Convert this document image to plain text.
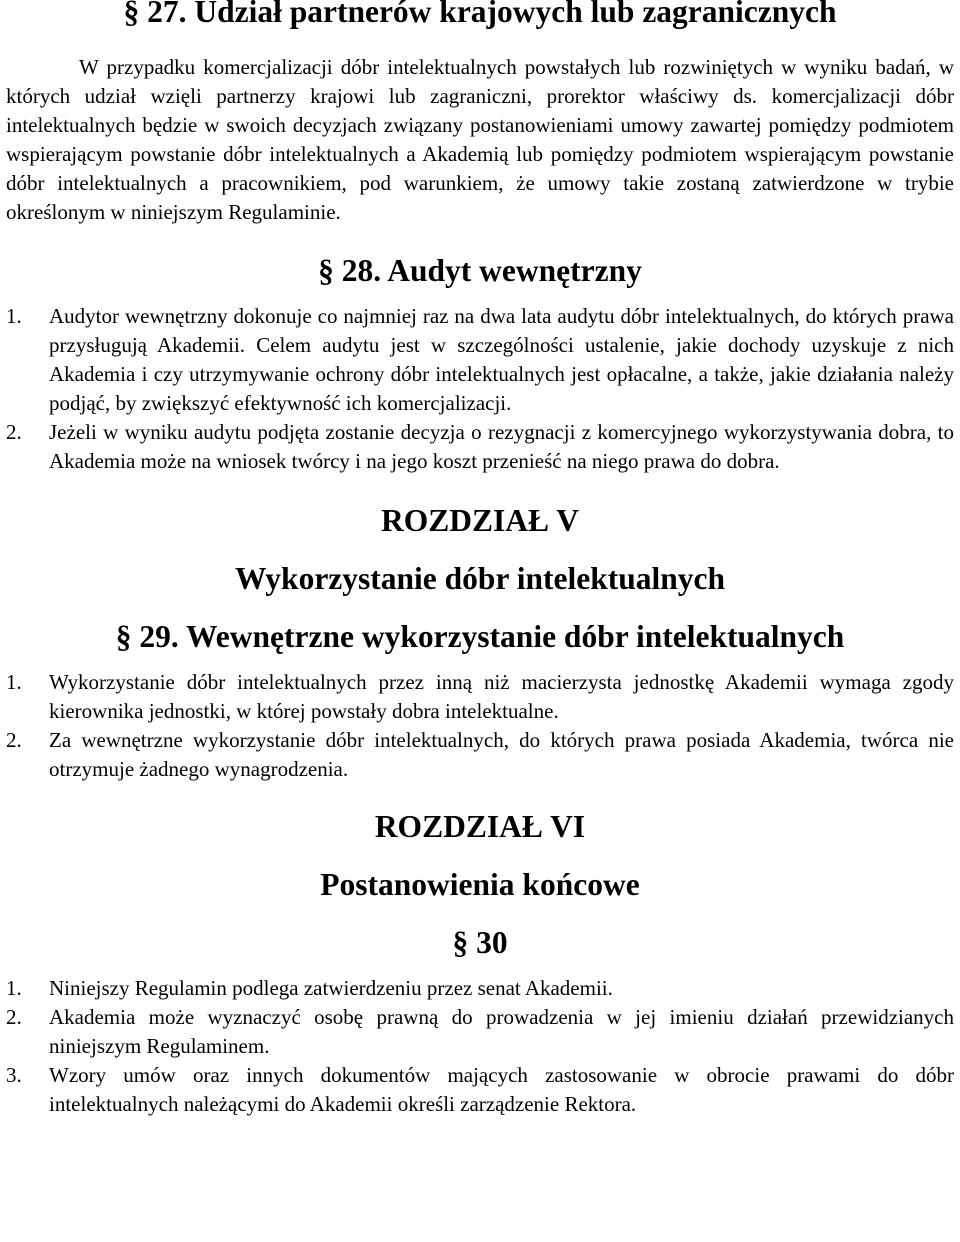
§ 27. Udział partnerów krajowych lub zagranicznych

W przypadku komercjalizacji dóbr intelektualnych powstałych lub rozwiniętych w wyniku badań, w których udział wzięli partnerzy krajowi lub zagraniczni, prorektor właściwy ds. komercjalizacji dóbr intelektualnych będzie w swoich decyzjach związany postanowieniami umowy zawartej pomiędzy podmiotem wspierającym powstanie dóbr intelektualnych a Akademią lub pomiędzy podmiotem wspierającym powstanie dóbr intelektualnych a pracownikiem, pod warunkiem, że umowy takie zostaną zatwierdzone w trybie określonym w niniejszym Regulaminie.

§ 28. Audyt wewnętrzny
1. Audytor wewnętrzny dokonuje co najmniej raz na dwa lata audytu dóbr intelektualnych, do których prawa przysługują Akademii. Celem audytu jest w szczególności ustalenie, jakie dochody uzyskuje z nich Akademia i czy utrzymywanie ochrony dóbr intelektualnych jest opłacalne, a także, jakie działania należy podjąć, by zwiększyć efektywność ich komercjalizacji.
2. Jeżeli w wyniku audytu podjęta zostanie decyzja o rezygnacji z komercyjnego wykorzystywania dobra, to Akademia może na wniosek twórcy i na jego koszt przenieść na niego prawa do dobra.
ROZDZIAŁ V
Wykorzystanie dóbr intelektualnych
§ 29. Wewnętrzne wykorzystanie dóbr intelektualnych
1. Wykorzystanie dóbr intelektualnych przez inną niż macierzysta jednostkę Akademii wymaga zgody kierownika jednostki, w której powstały dobra intelektualne.
2. Za wewnętrzne wykorzystanie dóbr intelektualnych, do których prawa posiada Akademia, twórca nie otrzymuje żadnego wynagrodzenia.
ROZDZIAŁ VI
Postanowienia końcowe
§ 30
1. Niniejszy Regulamin podlega zatwierdzeniu przez senat Akademii.
2. Akademia może wyznaczyć osobę prawną do prowadzenia w jej imieniu działań przewidzianych niniejszym Regulaminem.
3. Wzory umów oraz innych dokumentów mających zastosowanie w obrocie prawami do dóbr intelektualnych należącymi do Akademii określi zarządzenie Rektora.
